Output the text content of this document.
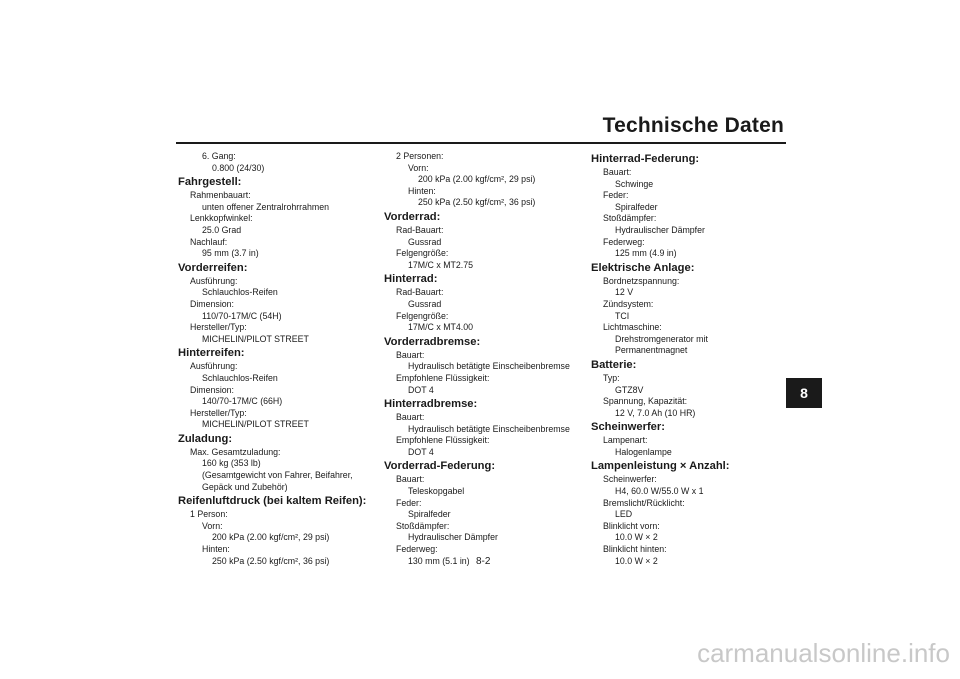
Technische Daten
6. Gang:
0.800 (24/30)
Fahrgestell:
Rahmenbauart:
unten offener Zentralrohrrahmen
Lenkkopfwinkel:
25.0 Grad
Nachlauf:
95 mm (3.7 in)
Vorderreifen:
Ausführung:
Schlauchlos-Reifen
Dimension:
110/70-17M/C (54H)
Hersteller/Typ:
MICHELIN/PILOT STREET
Hinterreifen:
Ausführung:
Schlauchlos-Reifen
Dimension:
140/70-17M/C (66H)
Hersteller/Typ:
MICHELIN/PILOT STREET
Zuladung:
Max. Gesamtzuladung:
160 kg (353 lb)
(Gesamtgewicht von Fahrer, Beifahrer,
Gepäck und Zubehör)
Reifenluftdruck (bei kaltem Reifen):
1 Person:
Vorn:
200 kPa (2.00 kgf/cm², 29 psi)
Hinten:
250 kPa (2.50 kgf/cm², 36 psi)
2 Personen:
Vorn:
200 kPa (2.00 kgf/cm², 29 psi)
Hinten:
250 kPa (2.50 kgf/cm², 36 psi)
Vorderrad:
Rad-Bauart:
Gussrad
Felgengröße:
17M/C x MT2.75
Hinterrad:
Rad-Bauart:
Gussrad
Felgengröße:
17M/C x MT4.00
Vorderradbremse:
Bauart:
Hydraulisch betätigte Einscheibenbremse
Empfohlene Flüssigkeit:
DOT 4
Hinterradbremse:
Bauart:
Hydraulisch betätigte Einscheibenbremse
Empfohlene Flüssigkeit:
DOT 4
Vorderrad-Federung:
Bauart:
Teleskopgabel
Feder:
Spiralfeder
Stoßdämpfer:
Hydraulischer Dämpfer
Federweg:
130 mm (5.1 in)
Hinterrad-Federung:
Bauart:
Schwinge
Feder:
Spiralfeder
Stoßdämpfer:
Hydraulischer Dämpfer
Federweg:
125 mm (4.9 in)
Elektrische Anlage:
Bordnetzspannung:
12 V
Zündsystem:
TCI
Lichtmaschine:
Drehstromgenerator mit
Permanentmagnet
Batterie:
Typ:
GTZ8V
Spannung, Kapazität:
12 V, 7.0 Ah (10 HR)
Scheinwerfer:
Lampenart:
Halogenlampe
Lampenleistung × Anzahl:
Scheinwerfer:
H4, 60.0 W/55.0 W x 1
Bremslicht/Rücklicht:
LED
Blinklicht vorn:
10.0 W × 2
Blinklicht hinten:
10.0 W × 2
8-2
8
carmanualsonline.info
